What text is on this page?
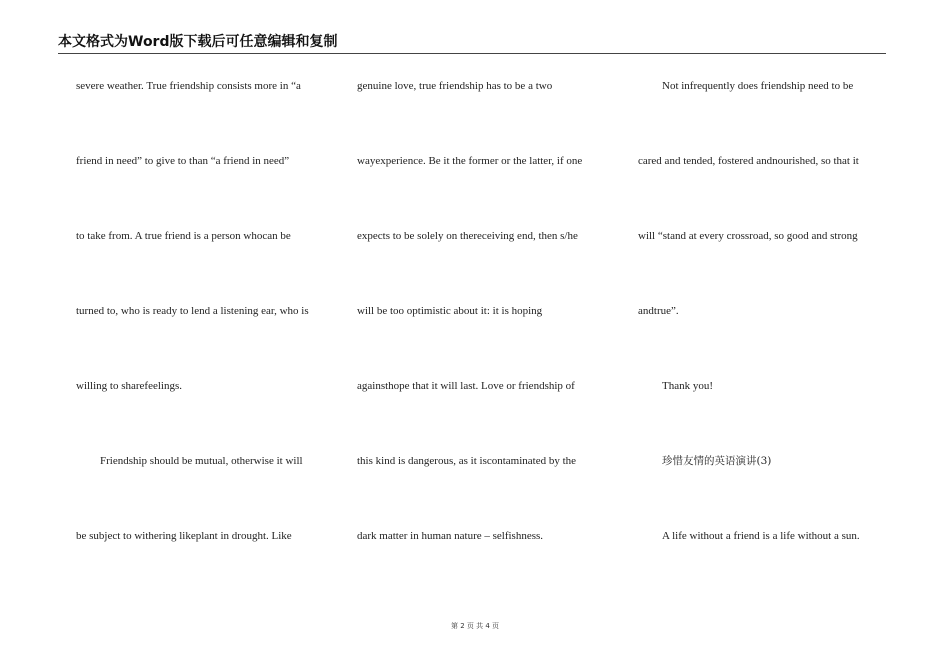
本文格式为Word版下载后可任意编辑和复制
severe weather. True friendship consists more in “a
friend in need” to give to than “a friend in need”
to take from. A true friend is a person whocan be
turned to, who is ready to lend a listening ear, who is
willing to sharefeelings.
Friendship should be mutual, otherwise it will
be subject to withering likeplant in drought. Like
genuine love, true friendship has to be a two
wayexperience. Be it the former or the latter, if one
expects to be solely on thereceiving end, then s/he
will be too optimistic about it: it is hoping
againsthope that it will last. Love or friendship of
this kind is dangerous, as it iscontaminated by the
dark matter in human nature – selfishness.
Not infrequently does friendship need to be
cared and tended, fostered andnourished, so that it
will “stand at every crossroad, so good and strong
andtrue”.
Thank you!
珍惜友情的英语演讲(3)
A life without a friend is a life without a sun.
第 2 页 共 4 页
